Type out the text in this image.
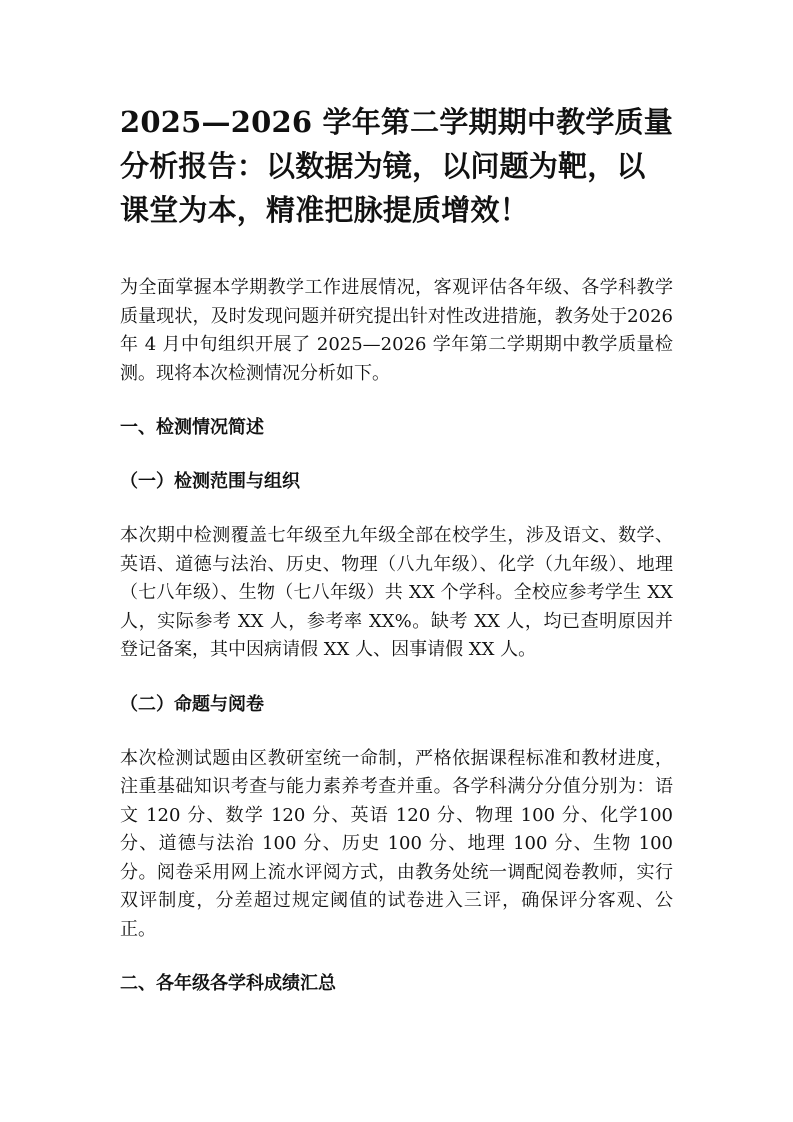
2025—2026 学年第二学期期中教学质量分析报告：以数据为镜，以问题为靶，以课堂为本，精准把脉提质增效！

为全面掌握本学期教学工作进展情况，客观评估各年级、各学科教学质量现状，及时发现问题并研究提出针对性改进措施，教务处于2026 年 4 月中旬组织开展了 2025—2026 学年第二学期期中教学质量检测。现将本次检测情况分析如下。

一、检测情况简述
（一）检测范围与组织

本次期中检测覆盖七年级至九年级全部在校学生，涉及语文、数学、英语、道德与法治、历史、物理（八九年级）、化学（九年级）、地理（七八年级）、生物（七八年级）共 XX 个学科。全校应参考学生 XX 人，实际参考 XX 人，参考率 XX%。缺考 XX 人，均已查明原因并登记备案，其中因病请假 XX 人、因事请假 XX 人。

（二）命题与阅卷

本次检测试题由区教研室统一命制，严格依据课程标准和教材进度，注重基础知识考查与能力素养考查并重。各学科满分分值分别为：语文 120 分、数学 120 分、英语 120 分、物理 100 分、化学100 分、道德与法治 100 分、历史 100 分、地理 100 分、生物 100分。阅卷采用网上流水评阅方式，由教务处统一调配阅卷教师，实行双评制度，分差超过规定阈值的试卷进入三评，确保评分客观、公正。

二、各年级各学科成绩汇总
